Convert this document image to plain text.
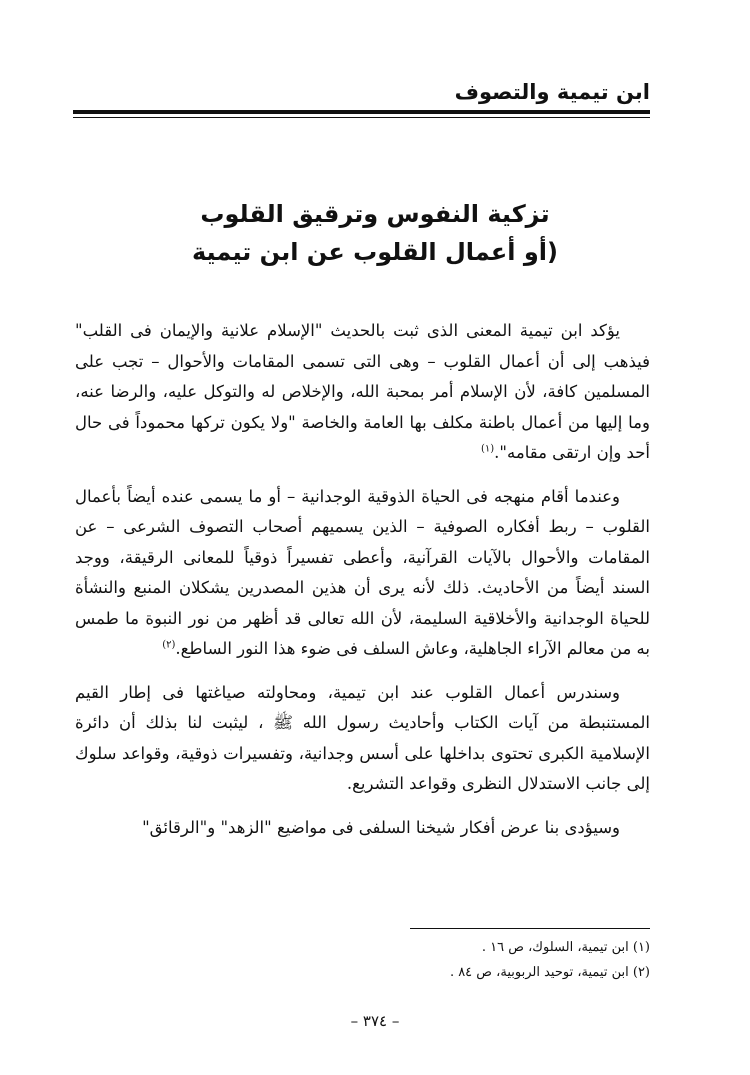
ابن تيمية والتصوف
تزكية النفوس وترقيق القلوب
(أو أعمال القلوب عن ابن تيمية

يؤكد ابن تيمية المعنى الذى ثبت بالحديث "الإسلام علانية والإيمان فى القلب" فيذهب إلى أن أعمال القلوب – وهى التى تسمى المقامات والأحوال – تجب على المسلمين كافة، لأن الإسلام أمر بمحبة الله، والإخلاص له والتوكل عليه، والرضا عنه، وما إليها من أعمال باطنة مكلف بها العامة والخاصة "ولا يكون تركها محموداً فى حال أحد وإن ارتقى مقامه".$^{(١)}$

وعندما أقام منهجه فى الحياة الذوقية الوجدانية – أو ما يسمى عنده أيضاً بأعمال القلوب – ربط أفكاره الصوفية – الذين يسميهم أصحاب التصوف الشرعى – عن المقامات والأحوال بالآيات القرآنية، وأعطى تفسيراً ذوقياً للمعانى الرقيقة، ووجد السند أيضاً من الأحاديث. ذلك لأنه يرى أن هذين المصدرين يشكلان المنبع والنشأة للحياة الوجدانية والأخلاقية السليمة، لأن الله تعالى قد أظهر من نور النبوة ما طمس به من معالم الآراء الجاهلية، وعاش السلف فى ضوء هذا النور الساطع.$^{(٢)}$

وسندرس أعمال القلوب عند ابن تيمية، ومحاولته صياغتها فى إطار القيم المستنبطة من آيات الكتاب وأحاديث رسول الله ﷺ ، ليثبت لنا بذلك أن دائرة الإسلامية الكبرى تحتوى بداخلها على أسس وجدانية، وتفسيرات ذوقية، وقواعد سلوك إلى جانب الاستدلال النظرى وقواعد التشريع.

وسيؤدى بنا عرض أفكار شيخنا السلفى فى مواضيع "الزهد" و"الرقائق"

(١) ابن تيمية، السلوك، ص ١٦ .
(٢) ابن تيمية، توحيد الربوبية، ص ٨٤ .
– ٣٧٤ –
